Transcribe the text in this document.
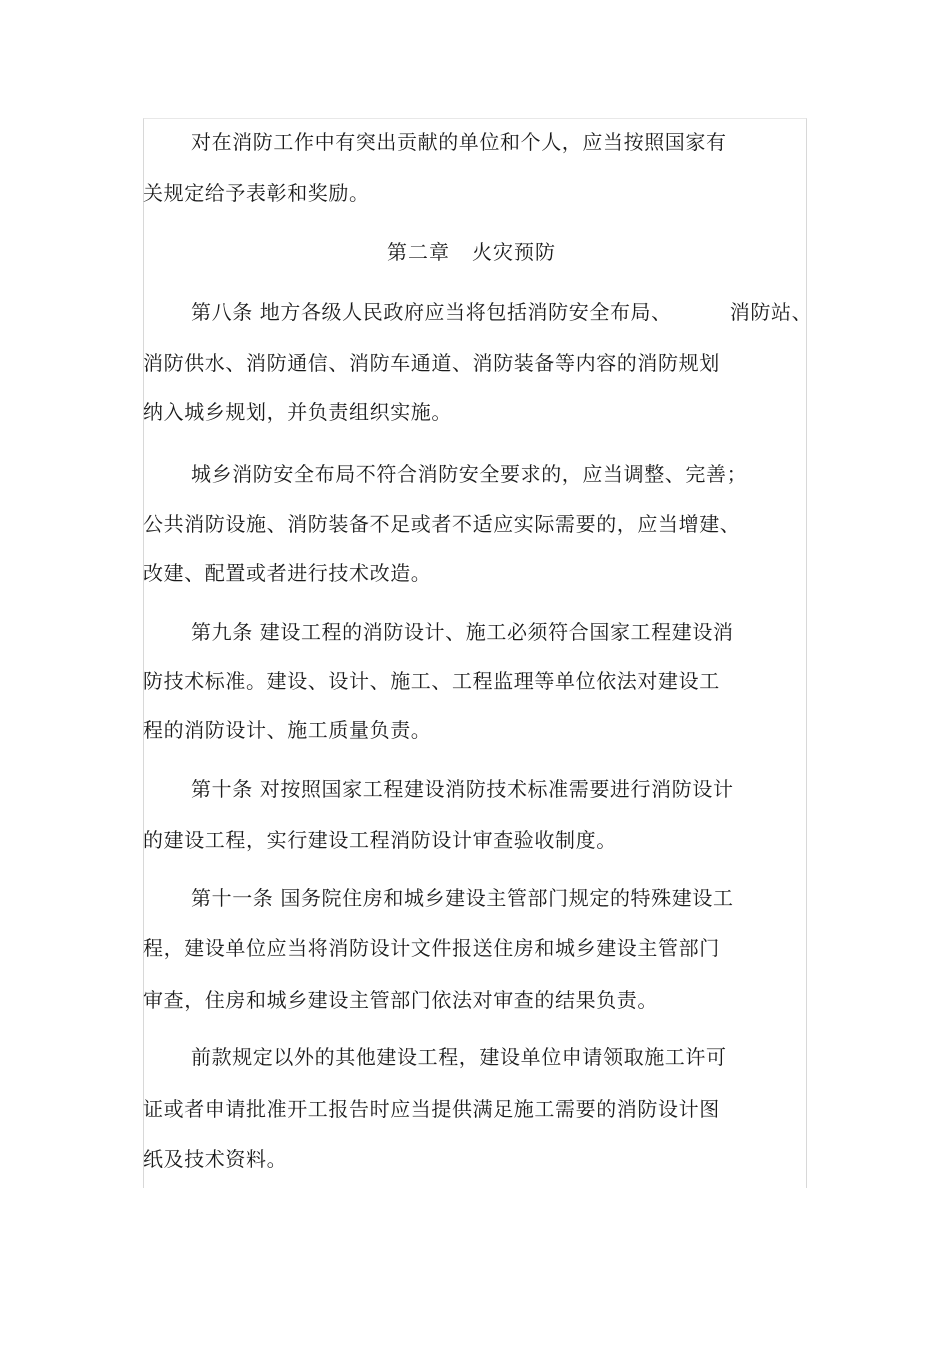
对在消防工作中有突出贡献的单位和个人，应当按照国家有
关规定给予表彰和奖励。
第二章 火灾预防
第八条 地方各级人民政府应当将包括消防安全布局、	消防站、
消防供水、消防通信、消防车通道、消防装备等内容的消防规划
纳入城乡规划，并负责组织实施。
城乡消防安全布局不符合消防安全要求的，应当调整、完善；
公共消防设施、消防装备不足或者不适应实际需要的，应当增建、
改建、配置或者进行技术改造。
第九条 建设工程的消防设计、施工必须符合国家工程建设消
防技术标准。建设、设计、施工、工程监理等单位依法对建设工
程的消防设计、施工质量负责。
第十条 对按照国家工程建设消防技术标准需要进行消防设计
的建设工程，实行建设工程消防设计审查验收制度。
第十一条 国务院住房和城乡建设主管部门规定的特殊建设工
程，建设单位应当将消防设计文件报送住房和城乡建设主管部门
审查，住房和城乡建设主管部门依法对审查的结果负责。
前款规定以外的其他建设工程，建设单位申请领取施工许可
证或者申请批准开工报告时应当提供满足施工需要的消防设计图
纸及技术资料。
